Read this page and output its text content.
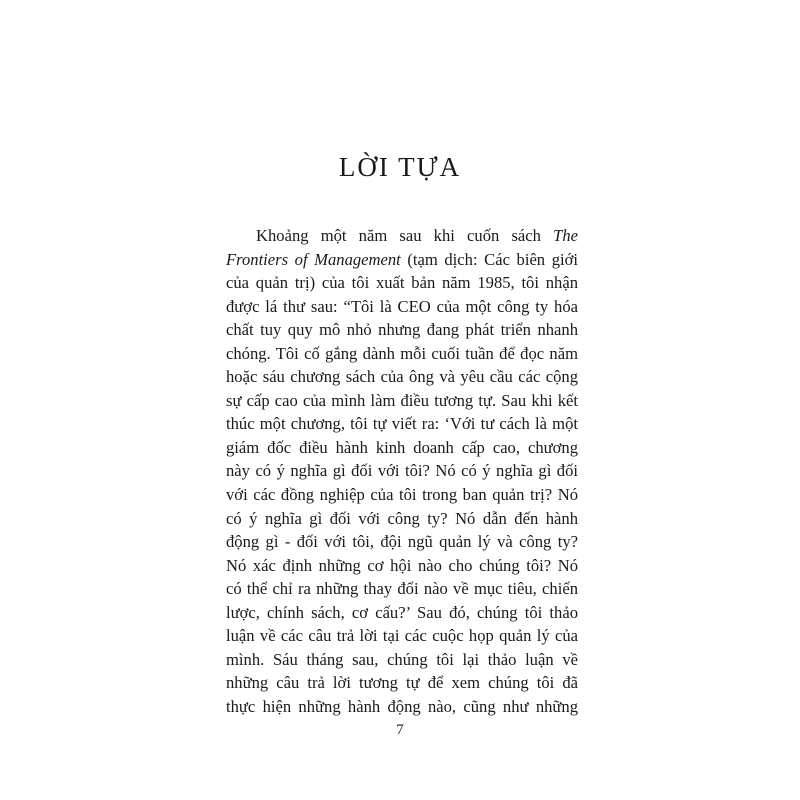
LỜI TỰA
Khoảng một năm sau khi cuốn sách The
Frontiers of Management (tạm dịch: Các biên giới
của quản trị) của tôi xuất bản năm 1985, tôi nhận
được lá thư sau: “Tôi là CEO của một công ty hóa
chất tuy quy mô nhỏ nhưng đang phát triển nhanh
chóng. Tôi cố gắng dành mỗi cuối tuần để đọc năm
hoặc sáu chương sách của ông và yêu cầu các cộng
sự cấp cao của mình làm điều tương tự. Sau khi kết
thúc một chương, tôi tự viết ra: ‘Với tư cách là một
giám đốc điều hành kinh doanh cấp cao, chương
này có ý nghĩa gì đối với tôi? Nó có ý nghĩa gì đối
với các đồng nghiệp của tôi trong ban quản trị? Nó
có ý nghĩa gì đối với công ty? Nó dẫn đến hành
động gì - đối với tôi, đội ngũ quản lý và công ty?
Nó xác định những cơ hội nào cho chúng tôi? Nó
có thể chỉ ra những thay đổi nào về mục tiêu, chiến
lược, chính sách, cơ cấu?’ Sau đó, chúng tôi thảo
luận về các câu trả lời tại các cuộc họp quản lý của
mình. Sáu tháng sau, chúng tôi lại thảo luận về
những câu trả lời tương tự để xem chúng tôi đã
thực hiện những hành động nào, cũng như những
7
